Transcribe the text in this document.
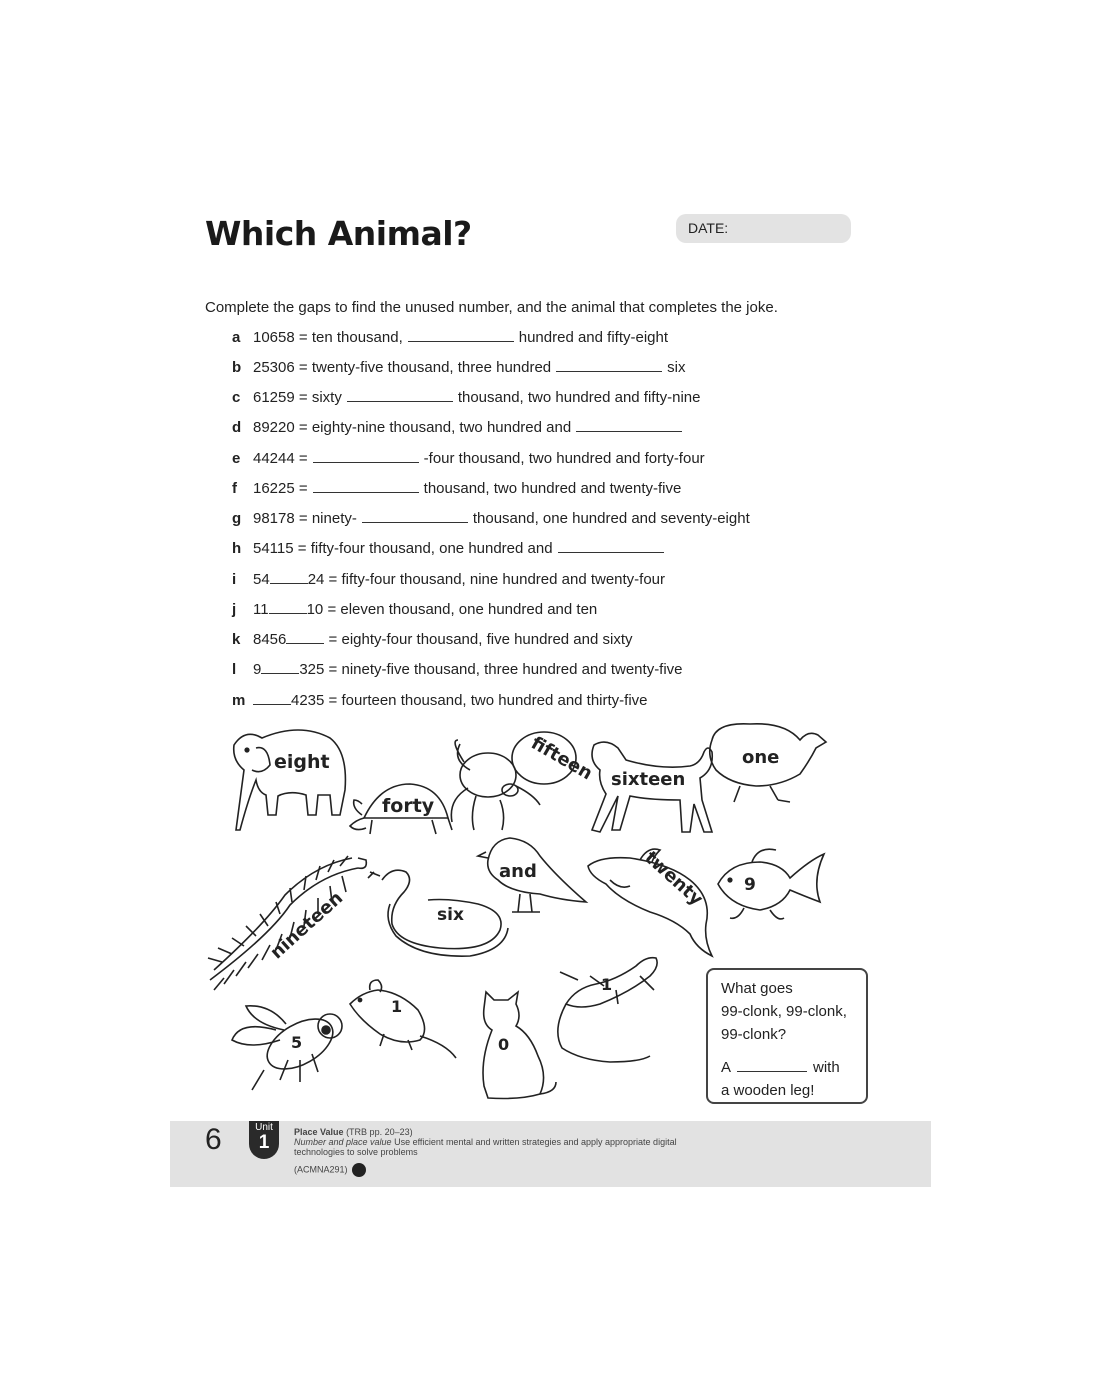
Which Animal?	DATE:
Complete the gaps to find the unused number, and the animal that completes the joke.
a 10658 = ten thousand,	hundred and fifty-eight
b 25306 = twenty-five thousand, three hundred	six
c 61259 = sixty	thousand, two hundred and fifty-nine
d 89220 = eighty-nine thousand, two hundred and
e 44244 =	-four thousand, two hundred and forty-four
f 16225 =	thousand, two hundred and twenty-five
g 98178 = ninety-	thousand, one hundred and seventy-eight
h 54115 = fifty-four thousand, one hundred and
i 54	24 = fifty-four thousand, nine hundred and twenty-four
j 11	10 = eleven thousand, one hundred and ten
k 8456	= eighty-four thousand, five hundred and sixty
l 9	325 = ninety-five thousand, three hundred and twenty-five
m	4235 = fourteen thousand, two hundred and thirty-five
eight
forty
fifteen sixteen
one
nineteen	six
and	twenty 9
5
1
0
1	What goes
99-clonk, 99-clonk,
99-clonk?
A	with
a wooden leg!
6	Unit
1	Place Value (TRB pp. 20–23)
Number and place value Use efficient mental and written strategies and apply appropriate digital
technologies to solve problems
(ACMNA291)
